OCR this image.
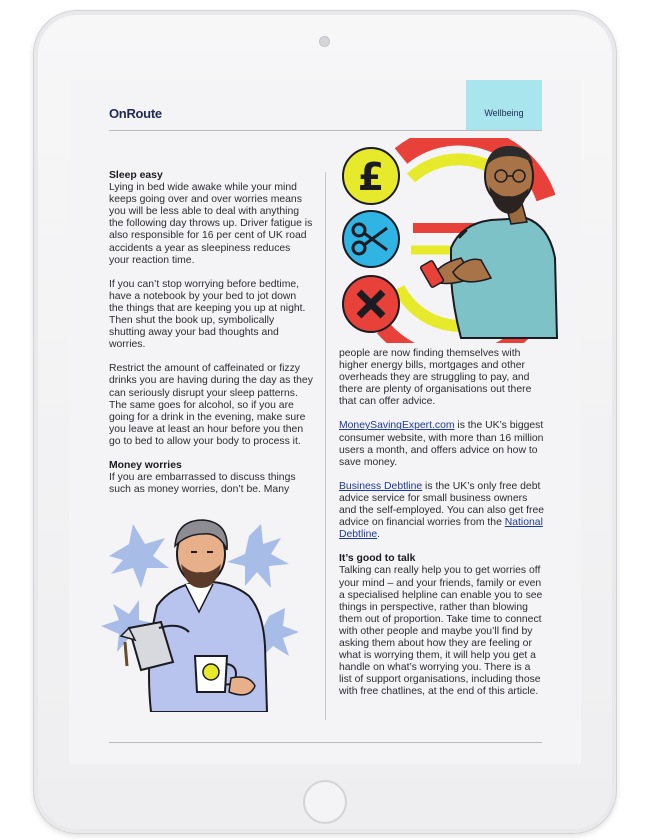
OnRoute	Wellbeing
Sleep easy

Lying in bed wide awake while your mind keeps going over and over worries means you will be less able to deal with anything the following day throws up. Driver fatigue is also responsible for 16 per cent of UK road accidents a year as sleepiness reduces your reaction time.

If you can’t stop worrying before bedtime, have a notebook by your bed to jot down the things that are keeping you up at night. Then shut the book up, symbolically shutting away your bad thoughts and worries.

Restrict the amount of caffeinated or fizzy drinks you are having during the day as they can seriously disrupt your sleep patterns. The same goes for alcohol, so if you are going for a drink in the evening, make sure you leave at least an hour before you then go to bed to allow your body to process it.

Money worries

If you are embarrassed to discuss things such as money worries, don’t be. Many

£

people are now finding themselves with higher energy bills, mortgages and other overheads they are struggling to pay, and there are plenty of organisations out there that can offer advice.

MoneySavingExpert.com is the UK’s biggest consumer website, with more than 16 million users a month, and offers advice on how to save money.

Business Debtline is the UK’s only free debt advice service for small business owners and the self-employed. You can also get free advice on financial worries from the National Debtline.

It’s good to talk

Talking can really help you to get worries off your mind – and your friends, family or even a specialised helpline can enable you to see things in perspective, rather than blowing them out of proportion. Take time to connect with other people and maybe you’ll find by asking them about how they are feeling or what is worrying them, it will help you get a handle on what’s worrying you. There is a list of support organisations, including those with free chatlines, at the end of this article.
